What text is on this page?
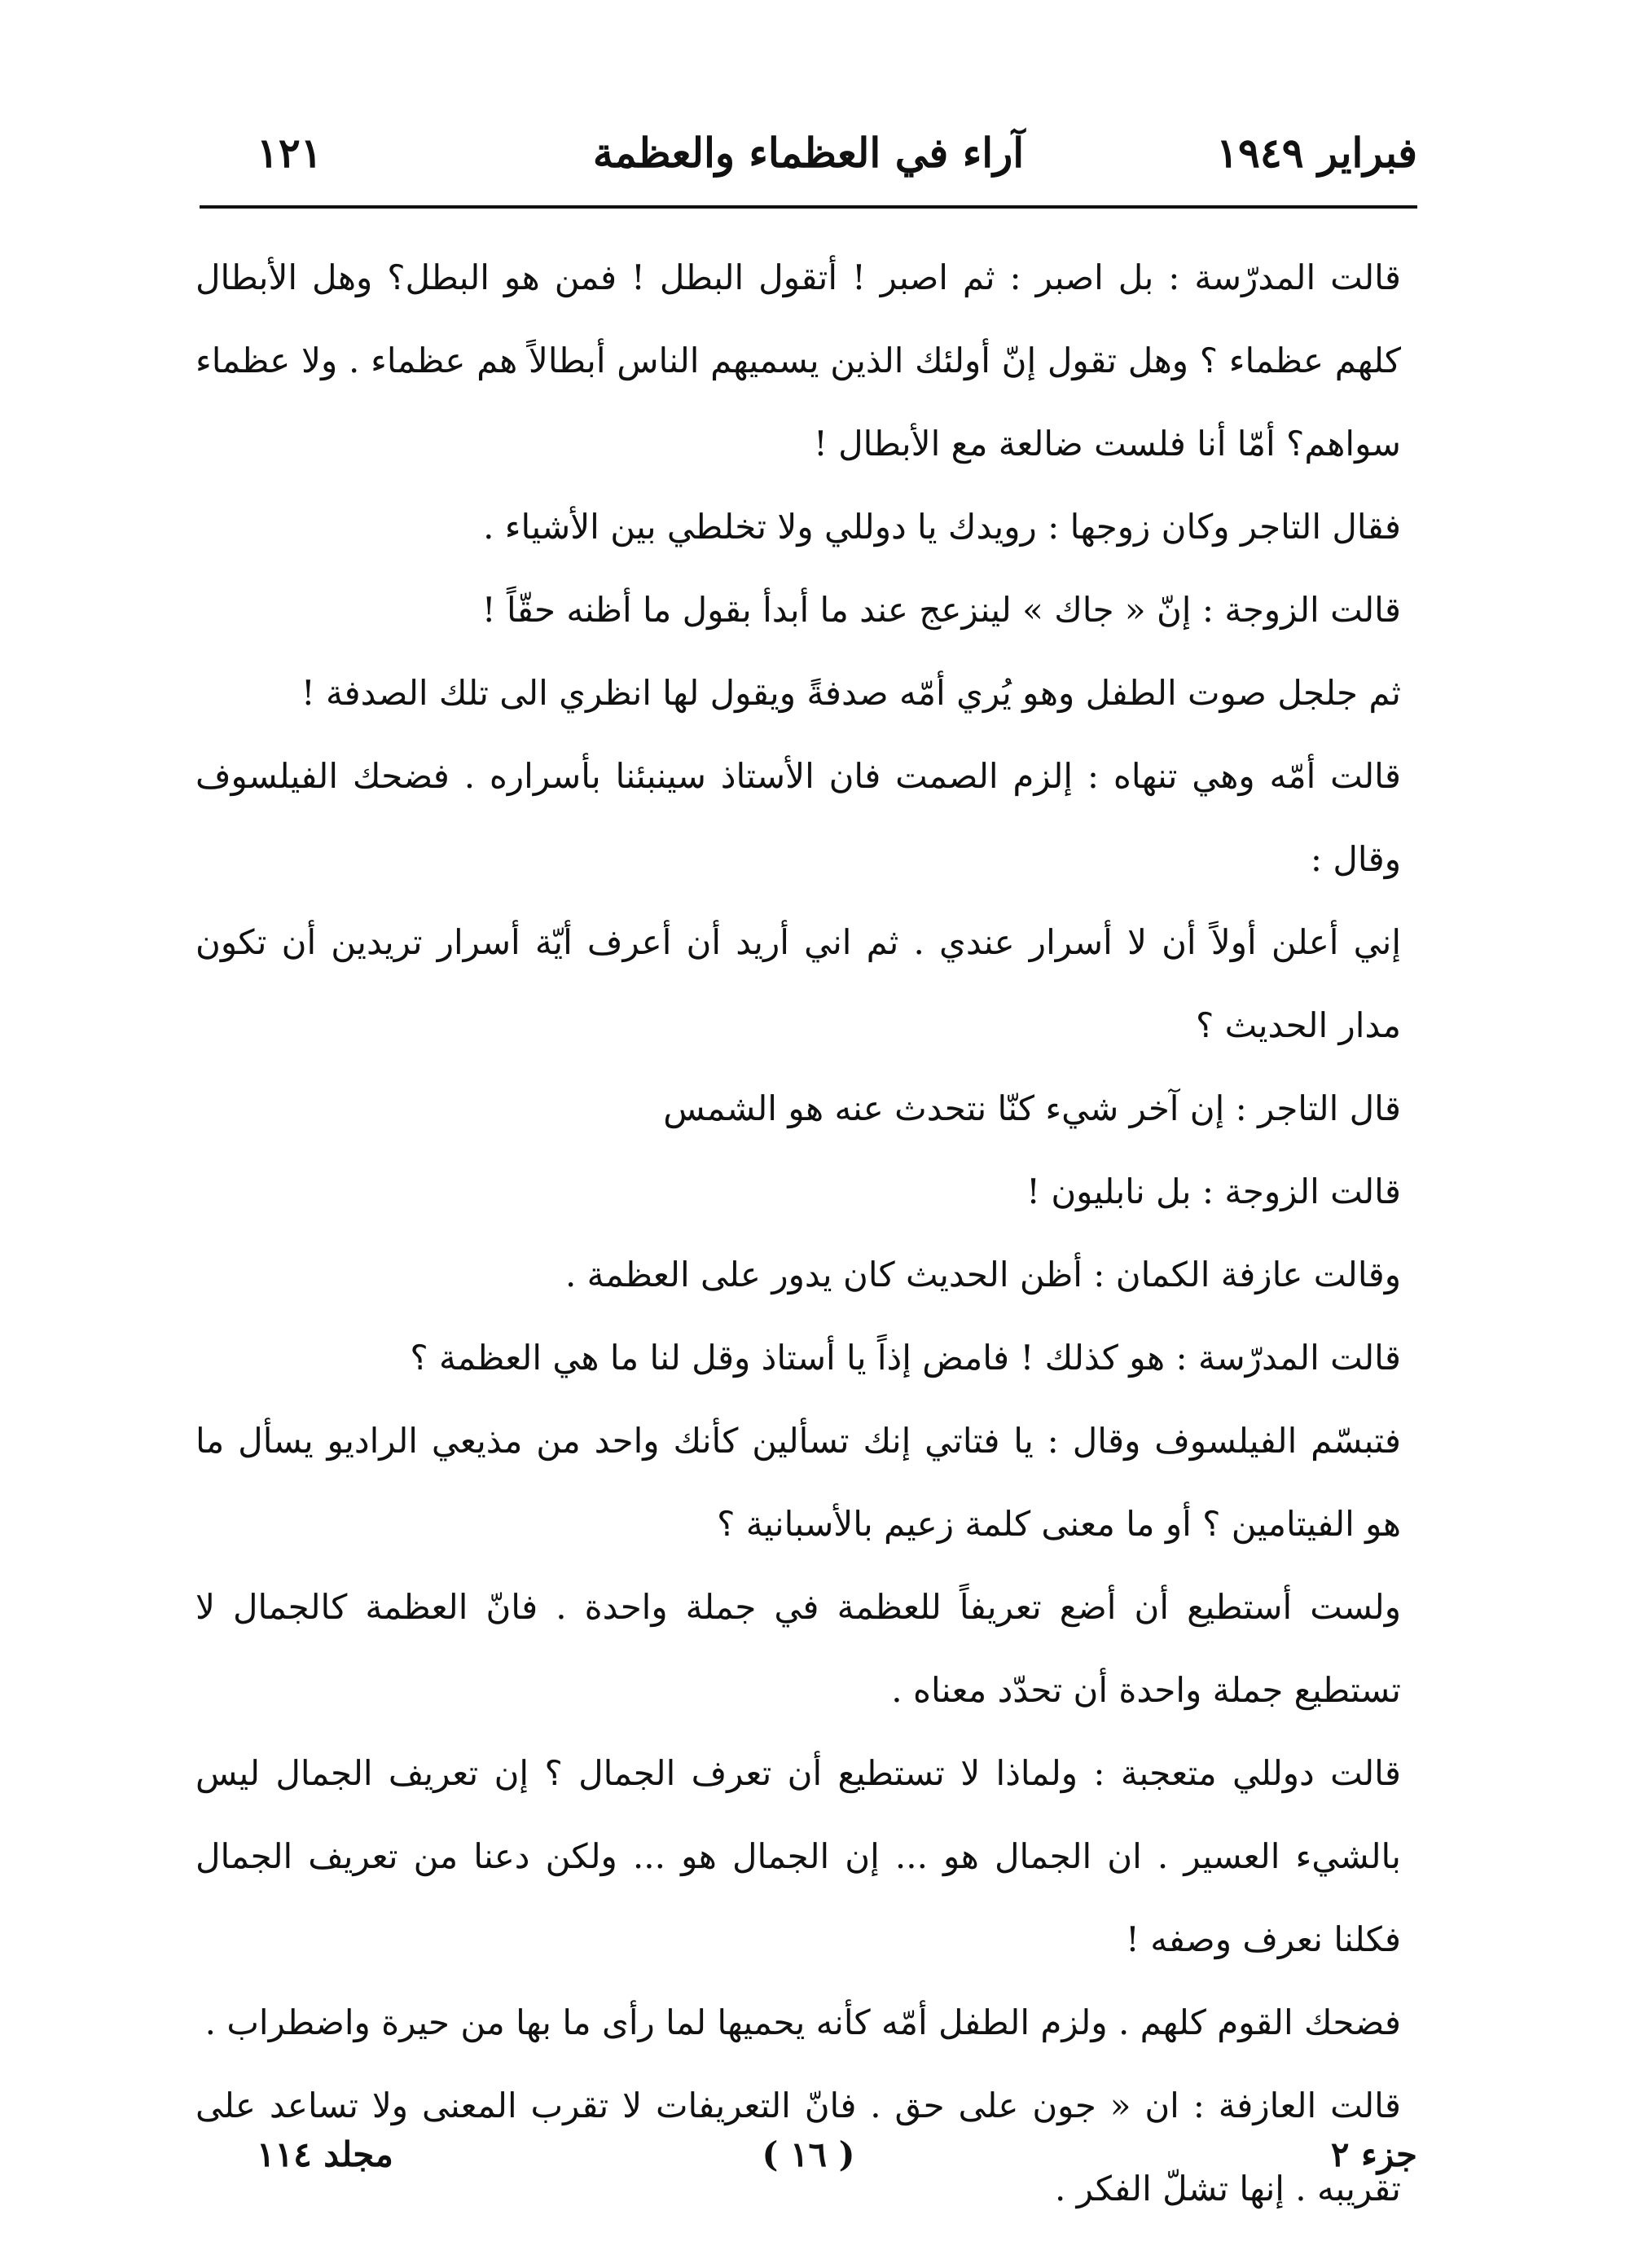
فبراير ١٩٤٩
آراء في العظماء والعظمة
١٢١

قالت المدرّسة : بل اصبر : ثم اصبر ! أتقول البطل ! فمن هو البطل؟ وهل الأبطال كلهم عظماء ؟ وهل تقول إنّ أولئك الذين يسميهم الناس أبطالاً هم عظماء . ولا عظماء سواهم؟ أمّا أنا فلست ضالعة مع الأبطال !

فقال التاجر وكان زوجها : رويدك يا دوللي ولا تخلطي بين الأشياء .

قالت الزوجة : إنّ « جاك » لينزعج عند ما أبدأ بقول ما أظنه حقّاً !

ثم جلجل صوت الطفل وهو يُري أمّه صدفةً ويقول لها انظري الى تلك الصدفة !

قالت أمّه وهي تنهاه : إلزم الصمت فان الأستاذ سينبئنا بأسراره . فضحك الفيلسوف وقال :

إني أعلن أولاً أن لا أسرار عندي . ثم اني أريد أن أعرف أيّة أسرار تريدين أن تكون مدار الحديث ؟

قال التاجر : إن آخر شيء كنّا نتحدث عنه هو الشمس

قالت الزوجة : بل نابليون !

وقالت عازفة الكمان : أظن الحديث كان يدور على العظمة .

قالت المدرّسة : هو كذلك ! فامض إذاً يا أستاذ وقل لنا ما هي العظمة ؟

فتبسّم الفيلسوف وقال : يا فتاتي إنك تسألين كأنك واحد من مذيعي الراديو يسأل ما هو الفيتامين ؟ أو ما معنى كلمة زعيم بالأسبانية ؟

ولست أستطيع أن أضع تعريفاً للعظمة في جملة واحدة . فانّ العظمة كالجمال لا تستطيع جملة واحدة أن تحدّد معناه .

قالت دوللي متعجبة : ولماذا لا تستطيع أن تعرف الجمال ؟ إن تعريف الجمال ليس بالشيء العسير . ان الجمال هو ... إن الجمال هو ... ولكن دعنا من تعريف الجمال فكلنا نعرف وصفه !

فضحك القوم كلهم . ولزم الطفل أمّه كأنه يحميها لما رأى ما بها من حيرة واضطراب .

قالت العازفة : ان « جون على حق . فانّ التعريفات لا تقرب المعنى ولا تساعد على تقريبه . إنها تشلّ الفكر .

جزء ٢
( ١٦ )
مجلد ١١٤
